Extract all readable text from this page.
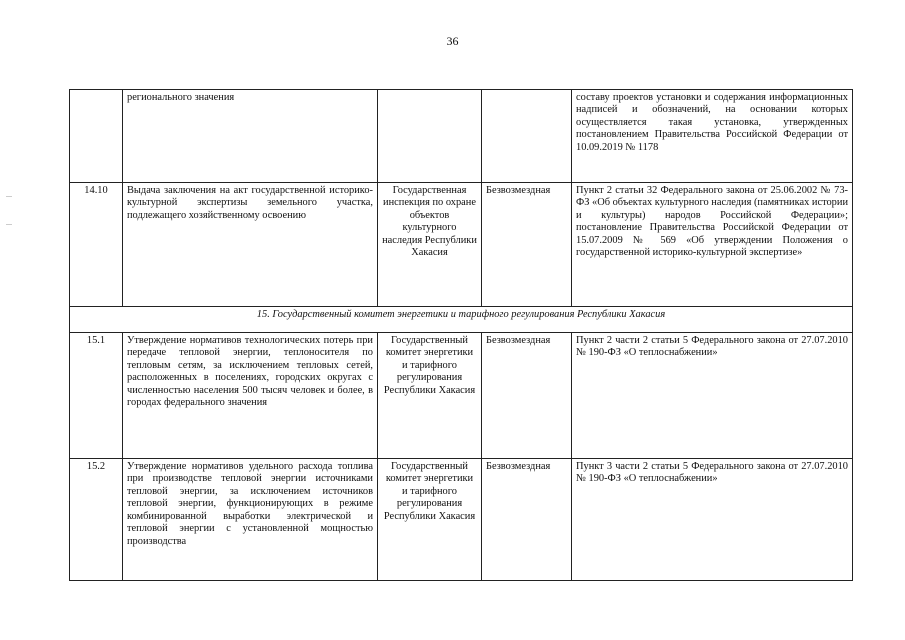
36
	регионального значения			составу проектов установки и содержания информационных надписей и обозначений, на основании которых осуществляется такая установка, утвержденных постановлением Правительства Российской Федерации от 10.09.2019 № 1178
14.10	Выдача заключения на акт государственной историко-культурной экспертизы земельного участка, подлежащего хозяйственному освоению	Государственная инспекция по охране объектов культурного наследия Республики Хакасия	Безвозмездная	Пункт 2 статьи 32 Федерального закона от 25.06.2002 № 73-ФЗ «Об объектах культурного наследия (памятниках истории и культуры) народов Российской Федерации»; постановление Правительства Российской Федерации от 15.07.2009 № 569 «Об утверждении Положения о государственной историко-культурной экспертизе»
15. Государственный комитет энергетики и тарифного регулирования Республики Хакасия				
15.1	Утверждение нормативов технологических потерь при передаче тепловой энергии, теплоносителя по тепловым сетям, за исключением тепловых сетей, расположенных в поселениях, городских округах с численностью населения 500 тысяч человек и более, в городах федерального значения	Государственный комитет энергетики и тарифного регулирования Республики Хакасия	Безвозмездная	Пункт 2 части 2 статьи 5 Федерального закона от 27.07.2010 № 190-ФЗ «О теплоснабжении»
15.2	Утверждение нормативов удельного расхода топлива при производстве тепловой энергии источниками тепловой энергии, за исключением источников тепловой энергии, функционирующих в режиме комбинированной выработки электрической и тепловой энергии с установленной мощностью производства	Государственный комитет энергетики и тарифного регулирования Республики Хакасия	Безвозмездная	Пункт 3 части 2 статьи 5 Федерального закона от 27.07.2010 № 190-ФЗ «О теплоснабжении»
